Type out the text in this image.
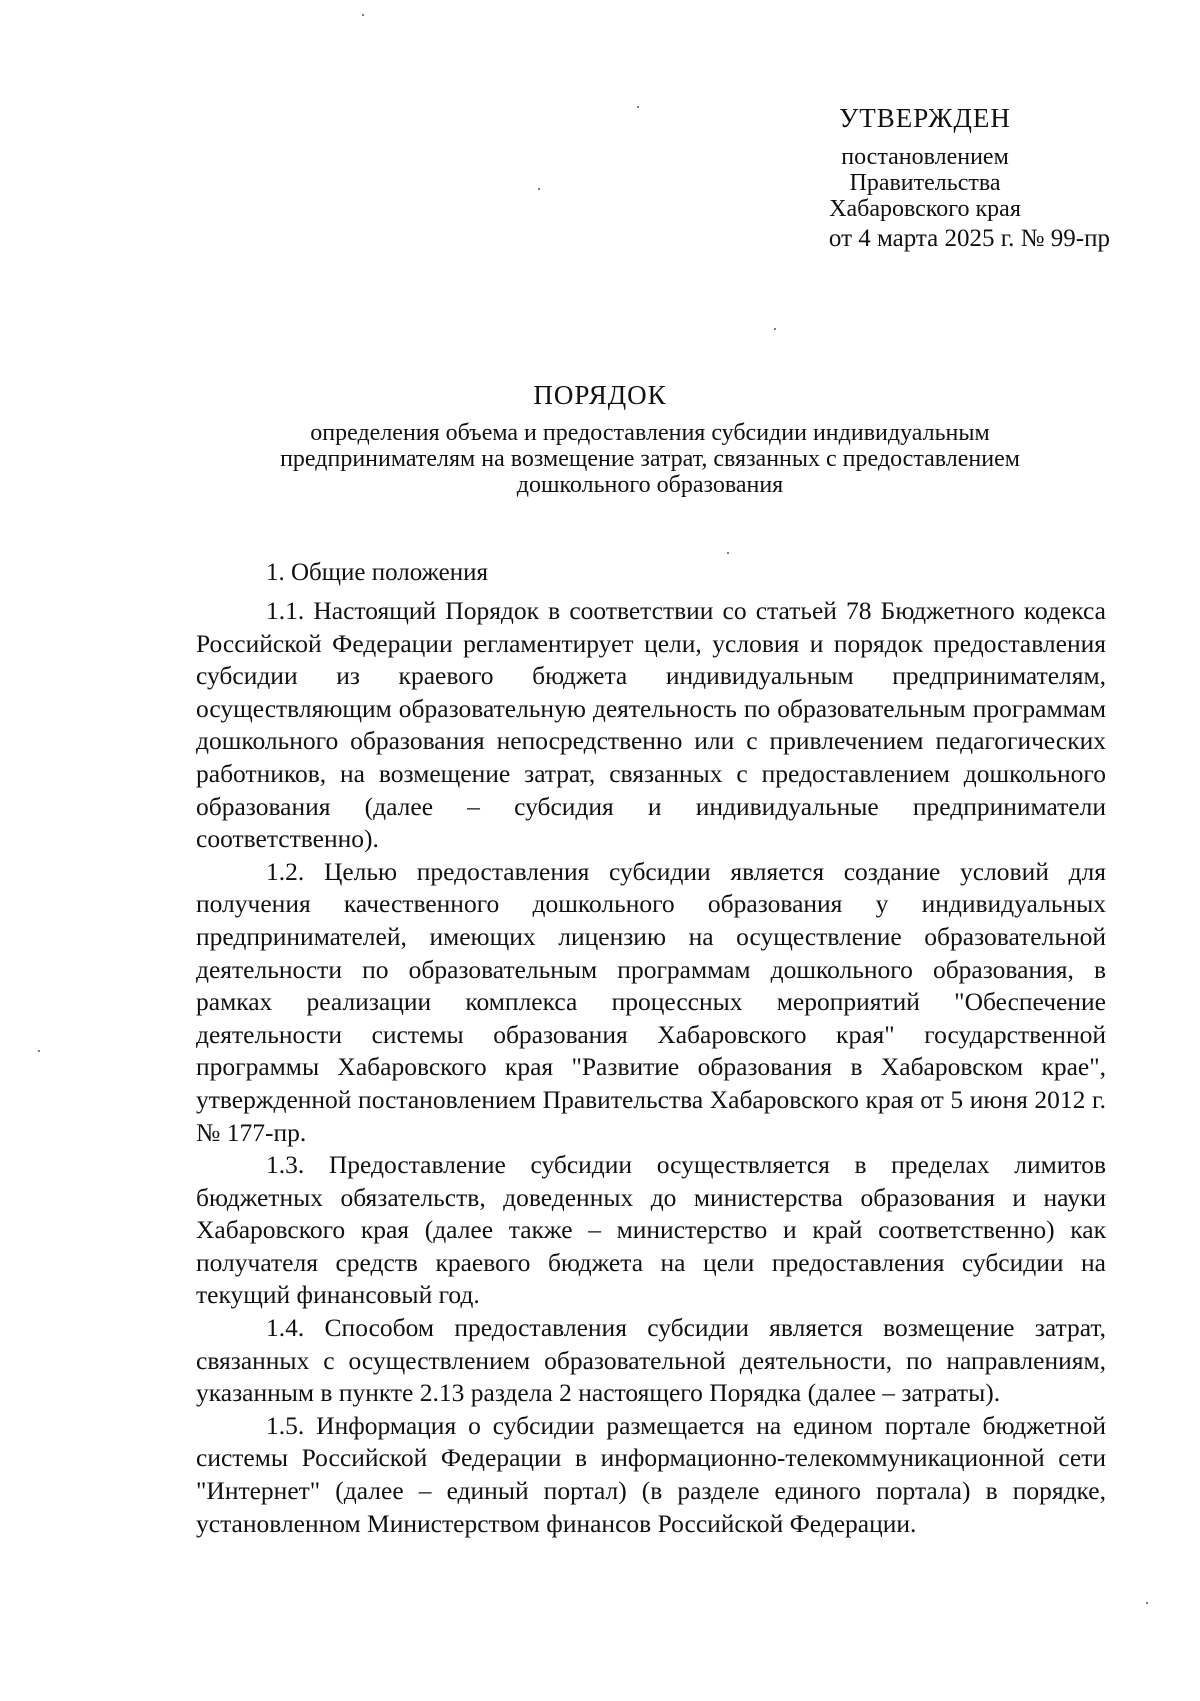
УТВЕРЖДЕН
постановлением
Правительства
Хабаровского края
от 4 марта 2025 г. № 99-пр
ПОРЯДОК
определения объема и предоставления субсидии индивидуальным
предпринимателям на возмещение затрат, связанных с предоставлением
дошкольного образования
1. Общие положения

1.1. Настоящий Порядок в соответствии со статьей 78 Бюджетного кодекса Российской Федерации регламентирует цели, условия и порядок предоставления субсидии из краевого бюджета индивидуальным предпринимателям, осуществляющим образовательную деятельность по образовательным программам дошкольного образования непосредственно или с привлечением педагогических работников, на возмещение затрат, связанных с предоставлением дошкольного образования (далее – субсидия и индивидуальные предприниматели соответственно).

1.2. Целью предоставления субсидии является создание условий для получения качественного дошкольного образования у индивидуальных предпринимателей, имеющих лицензию на осуществление образовательной деятельности по образовательным программам дошкольного образования, в рамках реализации комплекса процессных мероприятий "Обеспечение деятельности системы образования Хабаровского края" государственной программы Хабаровского края "Развитие образования в Хабаровском крае", утвержденной постановлением Правительства Хабаровского края от 5 июня 2012 г. № 177-пр.

1.3. Предоставление субсидии осуществляется в пределах лимитов бюджетных обязательств, доведенных до министерства образования и науки Хабаровского края (далее также – министерство и край соответственно) как получателя средств краевого бюджета на цели предоставления субсидии на текущий финансовый год.

1.4. Способом предоставления субсидии является возмещение затрат, связанных с осуществлением образовательной деятельности, по направлениям, указанным в пункте 2.13 раздела 2 настоящего Порядка (далее – затраты).

1.5. Информация о субсидии размещается на едином портале бюджетной системы Российской Федерации в информационно-телекоммуникационной сети "Интернет" (далее – единый портал) (в разделе единого портала) в порядке, установленном Министерством финансов Российской Федерации.
